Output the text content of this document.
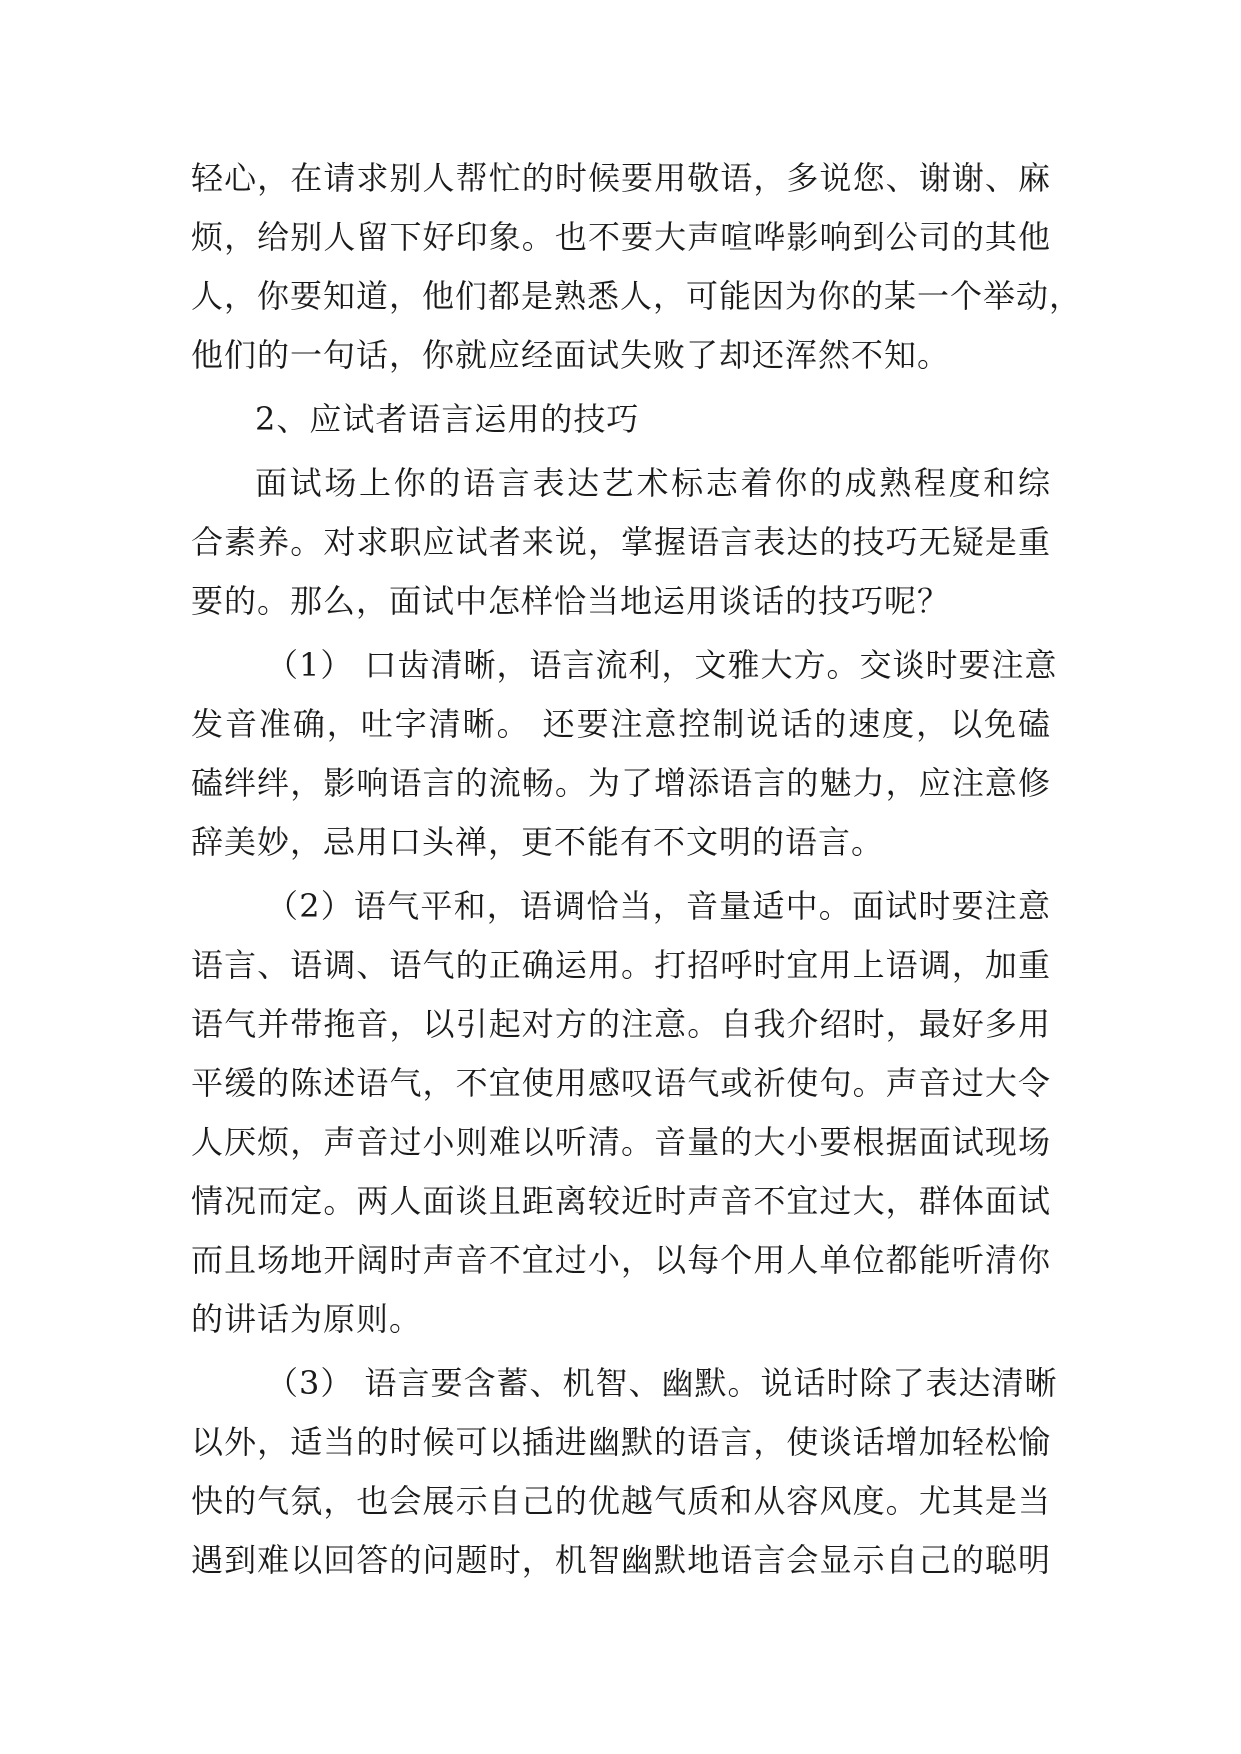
轻心，在请求别人帮忙的时候要用敬语，多说您、谢谢、麻
烦，给别人留下好印象。也不要大声喧哗影响到公司的其他
人，你要知道，他们都是熟悉人，可能因为你的某一个举动，
他们的一句话，你就应经面试失败了却还浑然不知。
2、应试者语言运用的技巧
面试场上你的语言表达艺术标志着你的成熟程度和综
合素养。对求职应试者来说，掌握语言表达的技巧无疑是重
要的。那么，面试中怎样恰当地运用谈话的技巧呢？
（1） 口齿清晰，语言流利，文雅大方。交谈时要注意
发音准确，吐字清晰。 还要注意控制说话的速度，以免磕
磕绊绊，影响语言的流畅。为了增添语言的魅力，应注意修
辞美妙，忌用口头禅，更不能有不文明的语言。
（2）语气平和，语调恰当，音量适中。面试时要注意
语言、语调、语气的正确运用。打招呼时宜用上语调，加重
语气并带拖音，以引起对方的注意。自我介绍时，最好多用
平缓的陈述语气，不宜使用感叹语气或祈使句。声音过大令
人厌烦，声音过小则难以听清。音量的大小要根据面试现场
情况而定。两人面谈且距离较近时声音不宜过大，群体面试
而且场地开阔时声音不宜过小，以每个用人单位都能听清你
的讲话为原则。
（3） 语言要含蓄、机智、幽默。说话时除了表达清晰
以外，适当的时候可以插进幽默的语言，使谈话增加轻松愉
快的气氛，也会展示自己的优越气质和从容风度。尤其是当
遇到难以回答的问题时，机智幽默地语言会显示自己的聪明
